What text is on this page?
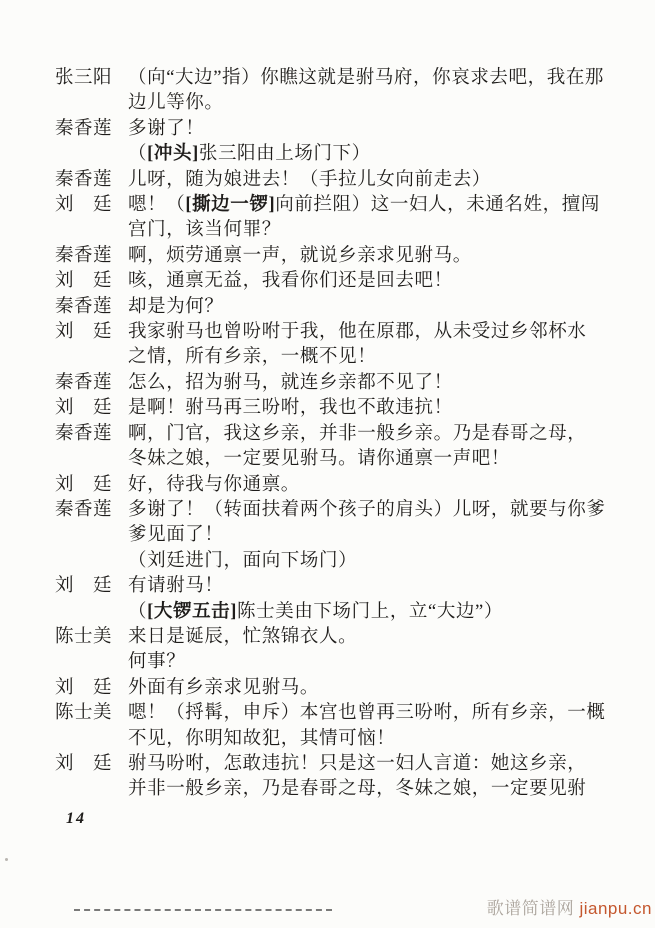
张三阳 （向“大边”指）你瞧这就是驸马府，你哀求去吧，我在那
边儿等你。
秦香莲 多谢了！
（[冲头]张三阳由上场门下）
秦香莲 儿呀，随为娘进去！（手拉儿女向前走去）
刘　廷 嗯！（[撕边一锣]向前拦阻）这一妇人，未通名姓，擅闯
宫门，该当何罪？
秦香莲 啊，烦劳通禀一声，就说乡亲求见驸马。
刘　廷 咳，通禀无益，我看你们还是回去吧！
秦香莲 却是为何？
刘　廷 我家驸马也曾吩咐于我，他在原郡，从未受过乡邻杯水
之情，所有乡亲，一概不见！
秦香莲 怎么，招为驸马，就连乡亲都不见了！
刘　廷 是啊！驸马再三吩咐，我也不敢违抗！
秦香莲 啊，门官，我这乡亲，并非一般乡亲。乃是春哥之母，
冬妹之娘，一定要见驸马。请你通禀一声吧！
刘　廷 好，待我与你通禀。
秦香莲 多谢了！（转面扶着两个孩子的肩头）儿呀，就要与你爹
爹见面了！
（刘廷进门，面向下场门）
刘　廷 有请驸马！
（[大锣五击]陈士美由下场门上，立“大边”）
陈士美 来日是诞辰，忙煞锦衣人。
何事？
刘　廷 外面有乡亲求见驸马。
陈士美 嗯！（捋髯，申斥）本宫也曾再三吩咐，所有乡亲，一概
不见，你明知故犯，其情可恼！
刘　廷 驸马吩咐，怎敢违抗！只是这一妇人言道：她这乡亲，
并非一般乡亲，乃是春哥之母，冬妹之娘，一定要见驸
14
歌谱简谱网 jianpu.cn
